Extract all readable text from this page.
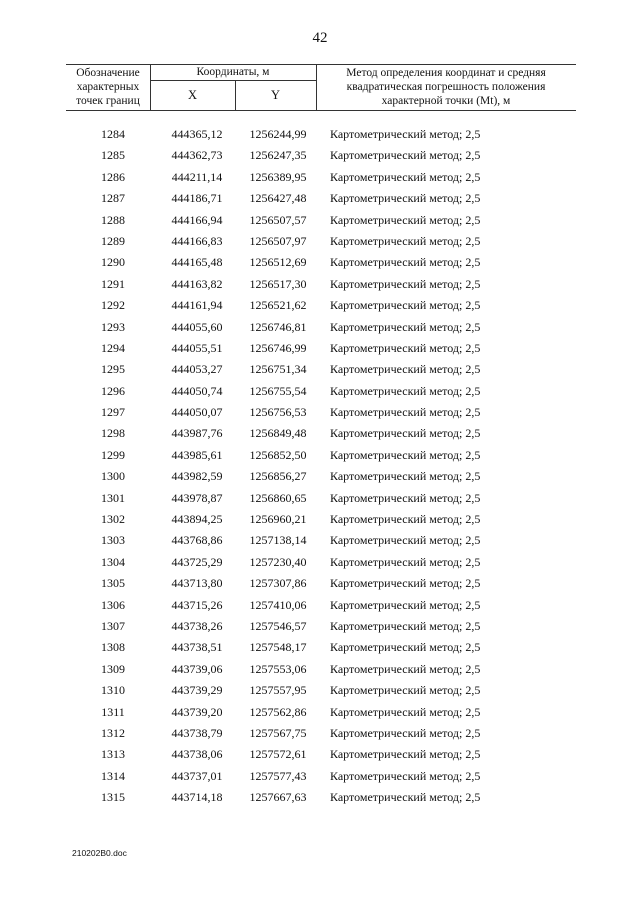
42
Обозначение
характерных
точек границ
Координаты, м
X	Y
Метод определения координат и средняя
квадратическая погрешность положения
характерной точки (Mt), м
1284	444365,12	1256244,99	Картометрический метод; 2,5
1285	444362,73	1256247,35	Картометрический метод; 2,5
1286	444211,14	1256389,95	Картометрический метод; 2,5
1287	444186,71	1256427,48	Картометрический метод; 2,5
1288	444166,94	1256507,57	Картометрический метод; 2,5
1289	444166,83	1256507,97	Картометрический метод; 2,5
1290	444165,48	1256512,69	Картометрический метод; 2,5
1291	444163,82	1256517,30	Картометрический метод; 2,5
1292	444161,94	1256521,62	Картометрический метод; 2,5
1293	444055,60	1256746,81	Картометрический метод; 2,5
1294	444055,51	1256746,99	Картометрический метод; 2,5
1295	444053,27	1256751,34	Картометрический метод; 2,5
1296	444050,74	1256755,54	Картометрический метод; 2,5
1297	444050,07	1256756,53	Картометрический метод; 2,5
1298	443987,76	1256849,48	Картометрический метод; 2,5
1299	443985,61	1256852,50	Картометрический метод; 2,5
1300	443982,59	1256856,27	Картометрический метод; 2,5
1301	443978,87	1256860,65	Картометрический метод; 2,5
1302	443894,25	1256960,21	Картометрический метод; 2,5
1303	443768,86	1257138,14	Картометрический метод; 2,5
1304	443725,29	1257230,40	Картометрический метод; 2,5
1305	443713,80	1257307,86	Картометрический метод; 2,5
1306	443715,26	1257410,06	Картометрический метод; 2,5
1307	443738,26	1257546,57	Картометрический метод; 2,5
1308	443738,51	1257548,17	Картометрический метод; 2,5
1309	443739,06	1257553,06	Картометрический метод; 2,5
1310	443739,29	1257557,95	Картометрический метод; 2,5
1311	443739,20	1257562,86	Картометрический метод; 2,5
1312	443738,79	1257567,75	Картометрический метод; 2,5
1313	443738,06	1257572,61	Картометрический метод; 2,5
1314	443737,01	1257577,43	Картометрический метод; 2,5
1315	443714,18	1257667,63	Картометрический метод; 2,5
210202B0.doc
